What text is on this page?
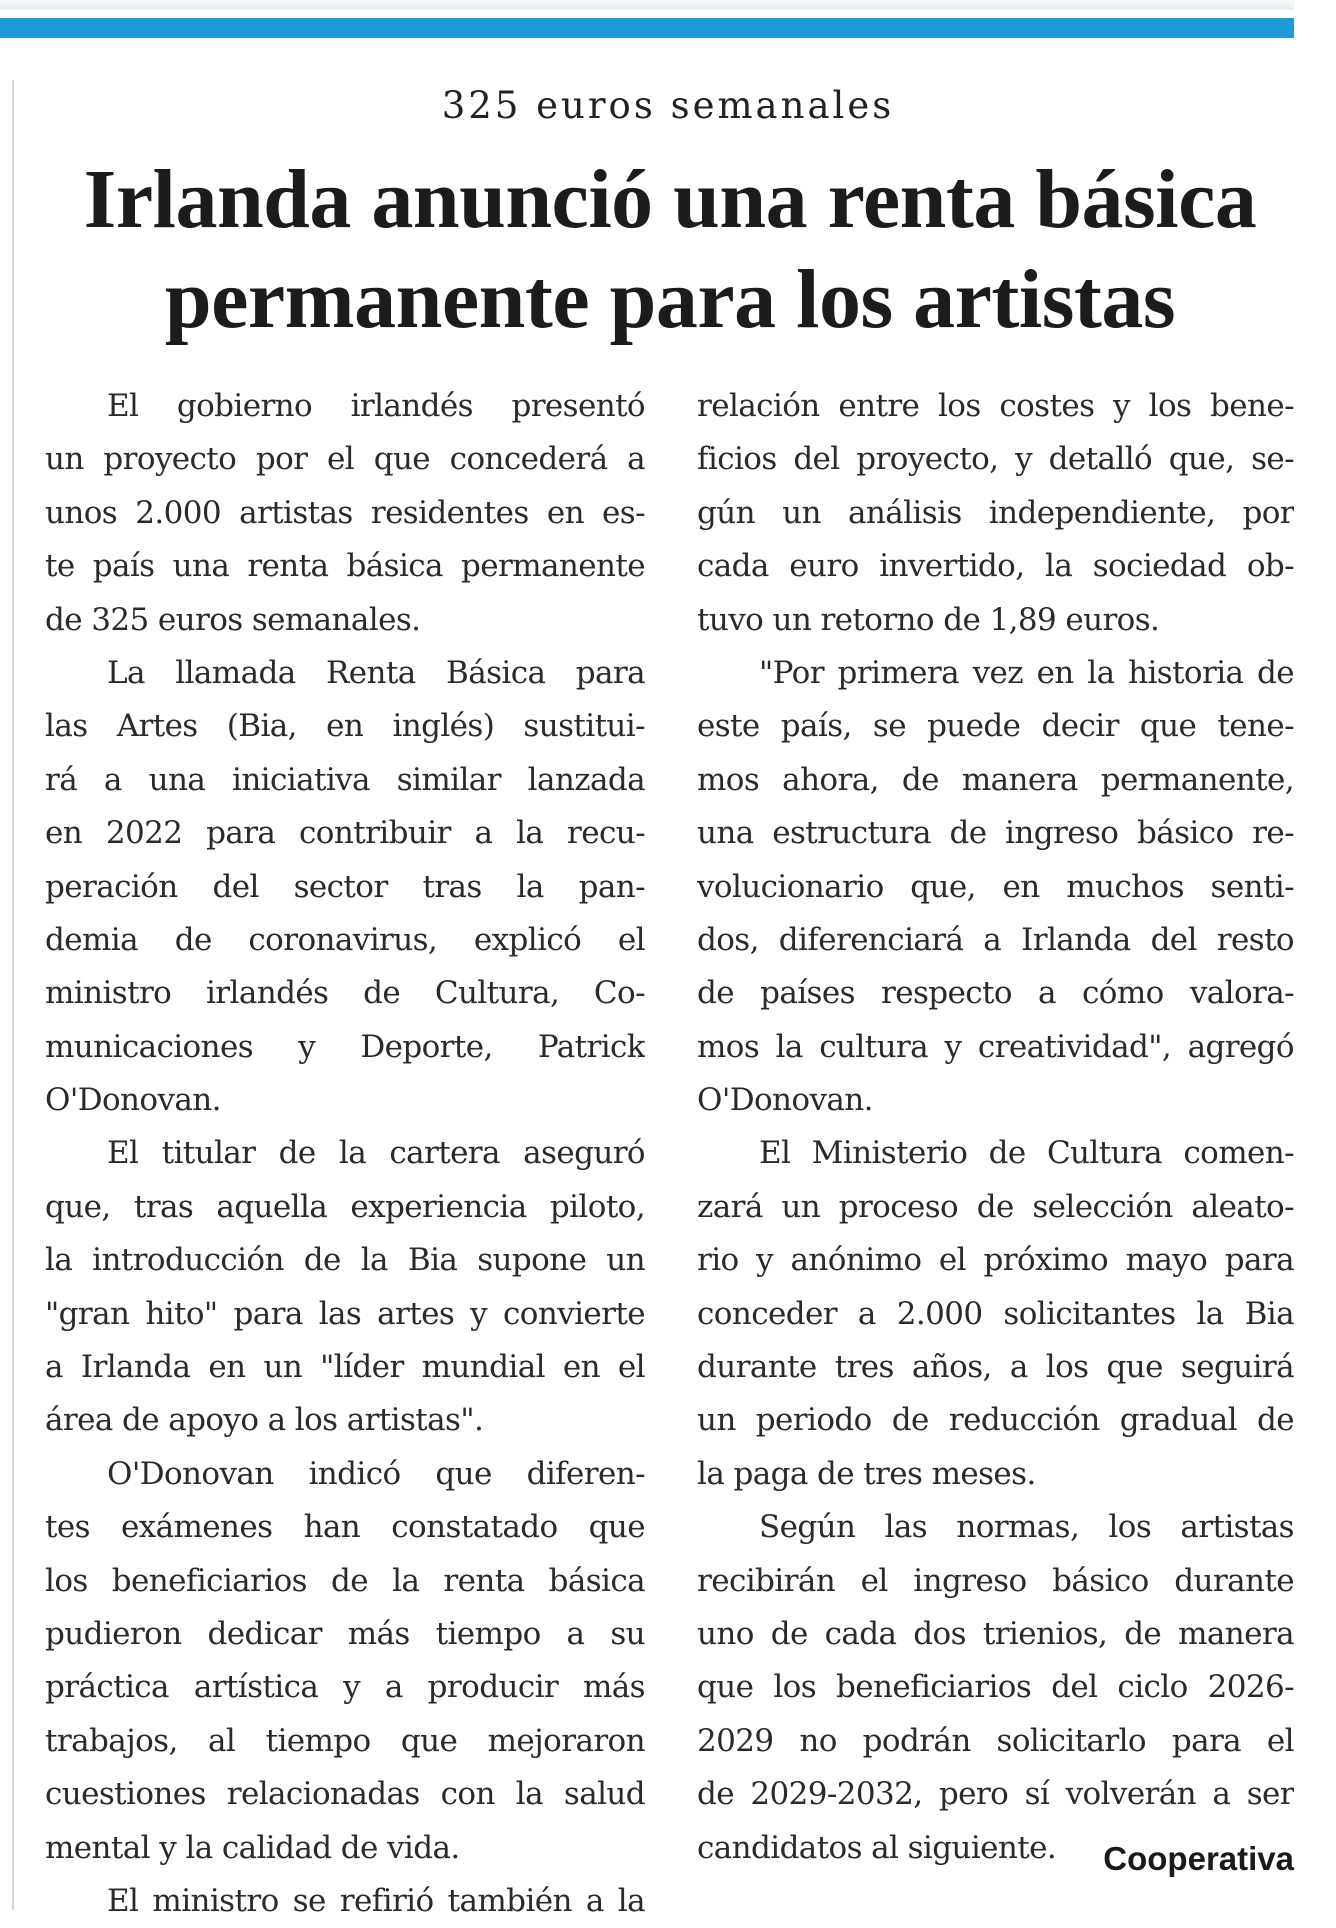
325 euros semanales
Irlanda anunció una renta básica
permanente para los artistas
El gobierno irlandés presentó
un proyecto por el que concederá a
unos 2.000 artistas residentes en es-
te país una renta básica permanente
de 325 euros semanales.
La llamada Renta Básica para
las Artes (Bia, en inglés) sustitui-
rá a una iniciativa similar lanzada
en 2022 para contribuir a la recu-
peración del sector tras la pan-
demia de coronavirus, explicó el
ministro irlandés de Cultura, Co-
municaciones y Deporte, Patrick
O'Donovan.
El titular de la cartera aseguró
que, tras aquella experiencia piloto,
la introducción de la Bia supone un
"gran hito" para las artes y convierte
a Irlanda en un "líder mundial en el
área de apoyo a los artistas".
O'Donovan indicó que diferen-
tes exámenes han constatado que
los beneficiarios de la renta básica
pudieron dedicar más tiempo a su
práctica artística y a producir más
trabajos, al tiempo que mejoraron
cuestiones relacionadas con la salud
mental y la calidad de vida.
El ministro se refirió también a la
relación entre los costes y los bene-
ficios del proyecto, y detalló que, se-
gún un análisis independiente, por
cada euro invertido, la sociedad ob-
tuvo un retorno de 1,89 euros.
"Por primera vez en la historia de
este país, se puede decir que tene-
mos ahora, de manera permanente,
una estructura de ingreso básico re-
volucionario que, en muchos senti-
dos, diferenciará a Irlanda del resto
de países respecto a cómo valora-
mos la cultura y creatividad", agregó
O'Donovan.
El Ministerio de Cultura comen-
zará un proceso de selección aleato-
rio y anónimo el próximo mayo para
conceder a 2.000 solicitantes la Bia
durante tres años, a los que seguirá
un periodo de reducción gradual de
la paga de tres meses.
Según las normas, los artistas
recibirán el ingreso básico durante
uno de cada dos trienios, de manera
que los beneficiarios del ciclo 2026-
2029 no podrán solicitarlo para el
de 2029-2032, pero sí volverán a ser
candidatos al siguiente.	Cooperativa
